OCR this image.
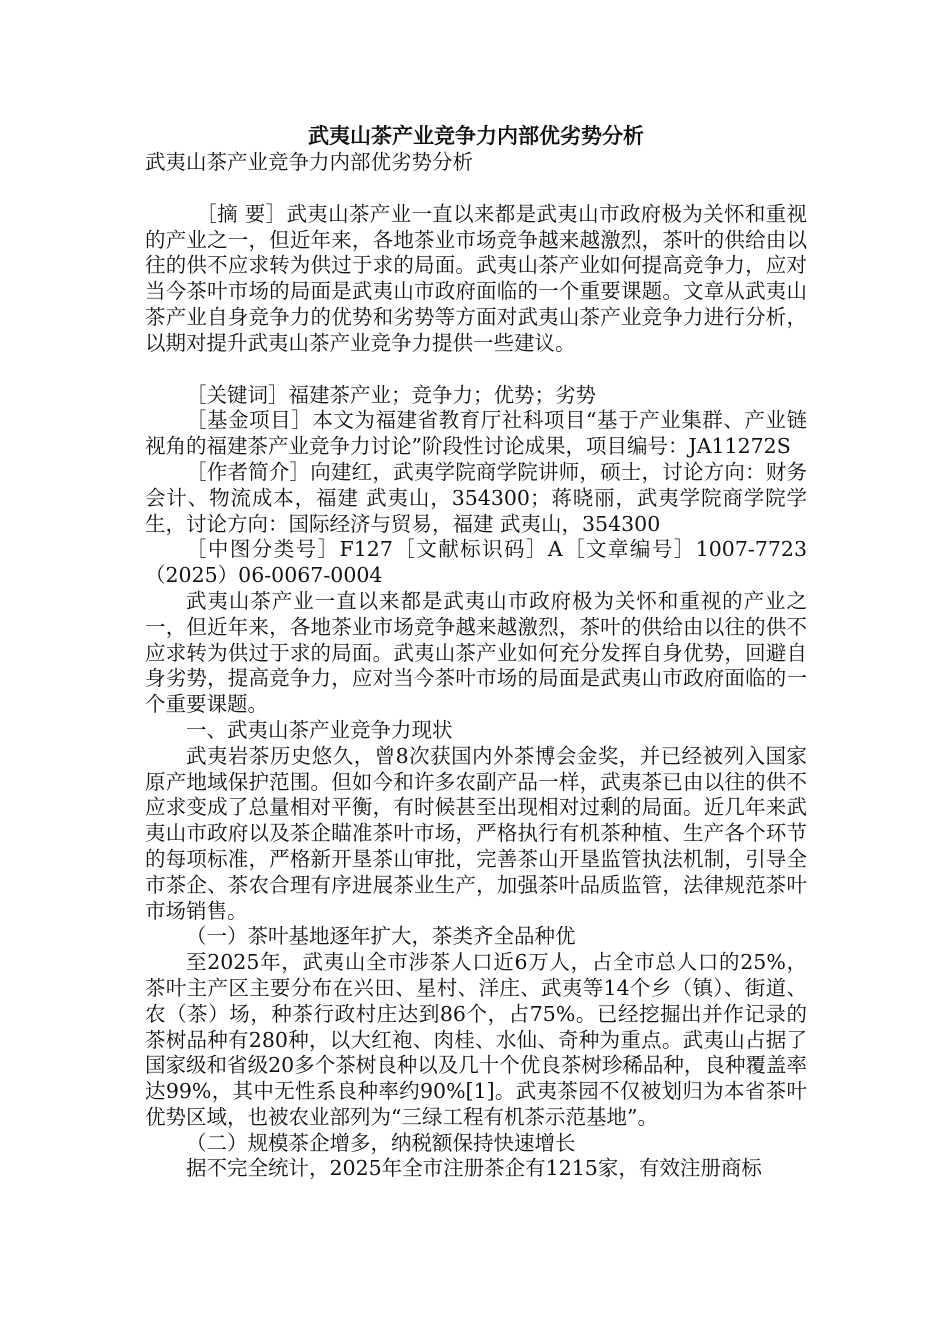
武夷山茶产业竞争力内部优劣势分析
武夷山茶产业竞争力内部优劣势分析
［摘 要］武夷山茶产业一直以来都是武夷山市政府极为关怀和重视的产业之一，但近年来，各地茶业市场竞争越来越激烈，茶叶的供给由以往的供不应求转为供过于求的局面。武夷山茶产业如何提高竞争力，应对当今茶叶市场的局面是武夷山市政府面临的一个重要课题。文章从武夷山茶产业自身竞争力的优势和劣势等方面对武夷山茶产业竞争力进行分析，以期对提升武夷山茶产业竞争力提供一些建议。
［关键词］福建茶产业；竞争力；优势；劣势
［基金项目］本文为福建省教育厅社科项目“基于产业集群、产业链视角的福建茶产业竞争力讨论”阶段性讨论成果，项目编号：JA11272S
［作者简介］向建红，武夷学院商学院讲师，硕士，讨论方向：财务会计、物流成本，福建 武夷山，354300；蒋晓丽，武夷学院商学院学生，讨论方向：国际经济与贸易，福建 武夷山，354300
［中图分类号］F127［文献标识码］A［文章编号］1007-7723（2025）06-0067-0004
武夷山茶产业一直以来都是武夷山市政府极为关怀和重视的产业之一，但近年来，各地茶业市场竞争越来越激烈，茶叶的供给由以往的供不应求转为供过于求的局面。武夷山茶产业如何充分发挥自身优势，回避自身劣势，提高竞争力，应对当今茶叶市场的局面是武夷山市政府面临的一个重要课题。
一、武夷山茶产业竞争力现状
武夷岩茶历史悠久，曾8次获国内外茶博会金奖，并已经被列入国家原产地域保护范围。但如今和许多农副产品一样，武夷茶已由以往的供不应求变成了总量相对平衡，有时候甚至出现相对过剩的局面。近几年来武夷山市政府以及茶企瞄准茶叶市场，严格执行有机茶种植、生产各个环节的每项标准，严格新开垦茶山审批，完善茶山开垦监管执法机制，引导全市茶企、茶农合理有序进展茶业生产，加强茶叶品质监管，法律规范茶叶市场销售。
（一）茶叶基地逐年扩大，茶类齐全品种优
至2025年，武夷山全市涉茶人口近6万人，占全市总人口的25%，茶叶主产区主要分布在兴田、星村、洋庄、武夷等14个乡（镇）、街道、农（茶）场，种茶行政村庄达到86个，占75%。已经挖掘出并作记录的茶树品种有280种，以大红袍、肉桂、水仙、奇种为重点。武夷山占据了国家级和省级20多个茶树良种以及几十个优良茶树珍稀品种，良种覆盖率达99%，其中无性系良种率约90%[1]。武夷茶园不仅被划归为本省茶叶优势区域，也被农业部列为“三绿工程有机茶示范基地”。
（二）规模茶企增多，纳税额保持快速增长
据不完全统计，2025年全市注册茶企有1215家，有效注册商标
